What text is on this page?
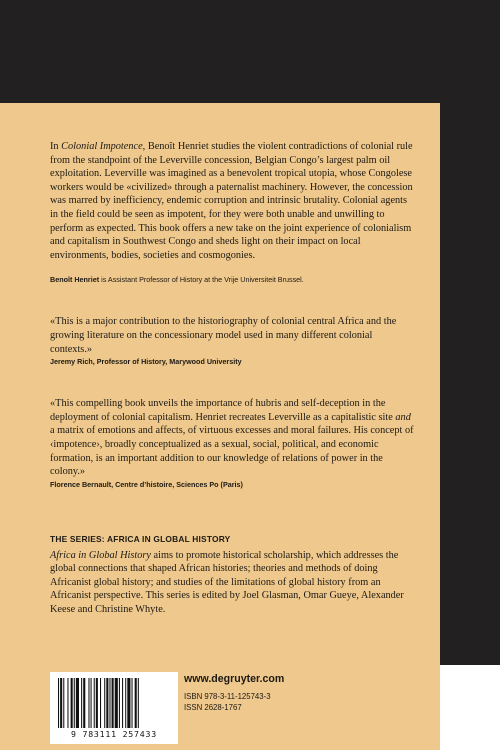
In Colonial Impotence, Benoît Henriet studies the violent contradictions of colonial rule from the standpoint of the Leverville concession, Belgian Congo’s largest palm oil exploitation. Leverville was imagined as a benevolent tropical utopia, whose Congolese workers would be «civilized» through a paternalist machinery. However, the concession was marred by inefficiency, endemic corruption and intrinsic brutality. Colonial agents in the field could be seen as impotent, for they were both unable and unwilling to perform as expected. This book offers a new take on the joint experience of colonialism and capitalism in Southwest Congo and sheds light on their impact on local environments, bodies, societies and cosmogonies.

Benoît Henriet is Assistant Professor of History at the Vrije Universiteit Brussel.

«This is a major contribution to the historiography of colonial central Africa and the growing literature on the concessionary model used in many different colonial contexts.»

Jeremy Rich, Professor of History, Marywood University

«This compelling book unveils the importance of hubris and self-deception in the deployment of colonial capitalism. Henriet recreates Leverville as a capitalistic site and a matrix of emotions and affects, of virtuous excesses and moral failures. His concept of ‹impotence›, broadly conceptualized as a sexual, social, political, and economic formation, is an important addition to our knowledge of relations of power in the colony.»

Florence Bernault, Centre d’histoire, Sciences Po (Paris)

THE SERIES: AFRICA IN GLOBAL HISTORY

Africa in Global History aims to promote historical scholarship, which addresses the global connections that shaped African histories; theories and methods of doing Africanist global history; and studies of the limitations of global history from an Africanist perspective. This series is edited by Joel Glasman, Omar Gueye, Alexander Keese and Christine Whyte.

9 783111 257433

www.degruyter.com

ISBN 978-3-11-125743-3

ISSN 2628-1767
